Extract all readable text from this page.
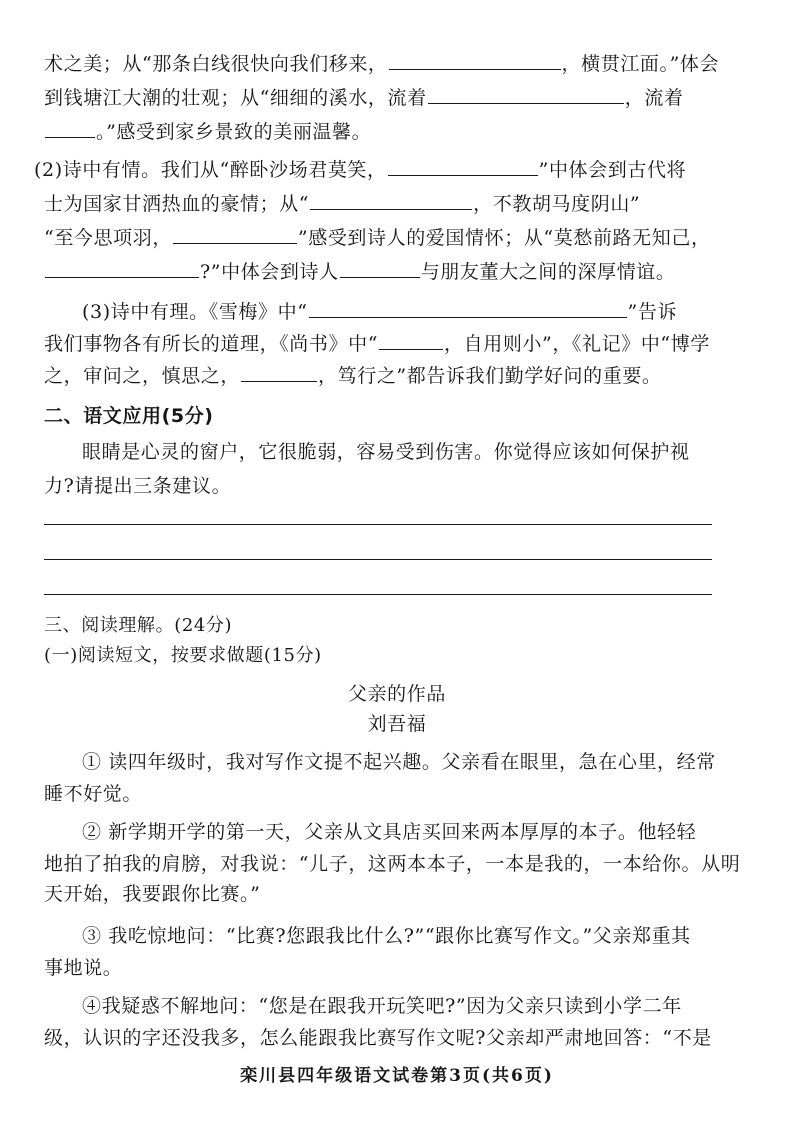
术之美；从“那条白线很快向我们移来，	，横贯江面。”体会
到钱塘江大潮的壮观；从“细细的溪水，流着	，流着
。”感受到家乡景致的美丽温馨。
(2)诗中有情。我们从“醉卧沙场君莫笑，	”中体会到古代将
士为国家甘洒热血的豪情；从“	，不教胡马度阴山”
“至今思项羽，	”感受到诗人的爱国情怀；从“莫愁前路无知己，
?”中体会到诗人	与朋友董大之间的深厚情谊。
(3)诗中有理。《雪梅》中“	”告诉
我们事物各有所长的道理，《尚书》中“	，自用则小”，《礼记》中“博学
之，审问之，慎思之，	，笃行之”都告诉我们勤学好问的重要。
二、语文应用(5分)
眼睛是心灵的窗户，它很脆弱，容易受到伤害。你觉得应该如何保护视
力?请提出三条建议。
三、阅读理解。(24分)
(一)阅读短文，按要求做题(15分)
父亲的作品
刘吾福
① 读四年级时，我对写作文提不起兴趣。父亲看在眼里，急在心里，经常
睡不好觉。
② 新学期开学的第一天，父亲从文具店买回来两本厚厚的本子。他轻轻
地拍了拍我的肩膀，对我说：“儿子，这两本本子，一本是我的，一本给你。从明
天开始，我要跟你比赛。”
③ 我吃惊地问：“比赛?您跟我比什么?”“跟你比赛写作文。”父亲郑重其
事地说。
④我疑惑不解地问：“您是在跟我开玩笑吧?”因为父亲只读到小学二年
级，认识的字还没我多，怎么能跟我比赛写作文呢?父亲却严肃地回答：“不是
栾川县四年级语文试卷第3页(共6页)
